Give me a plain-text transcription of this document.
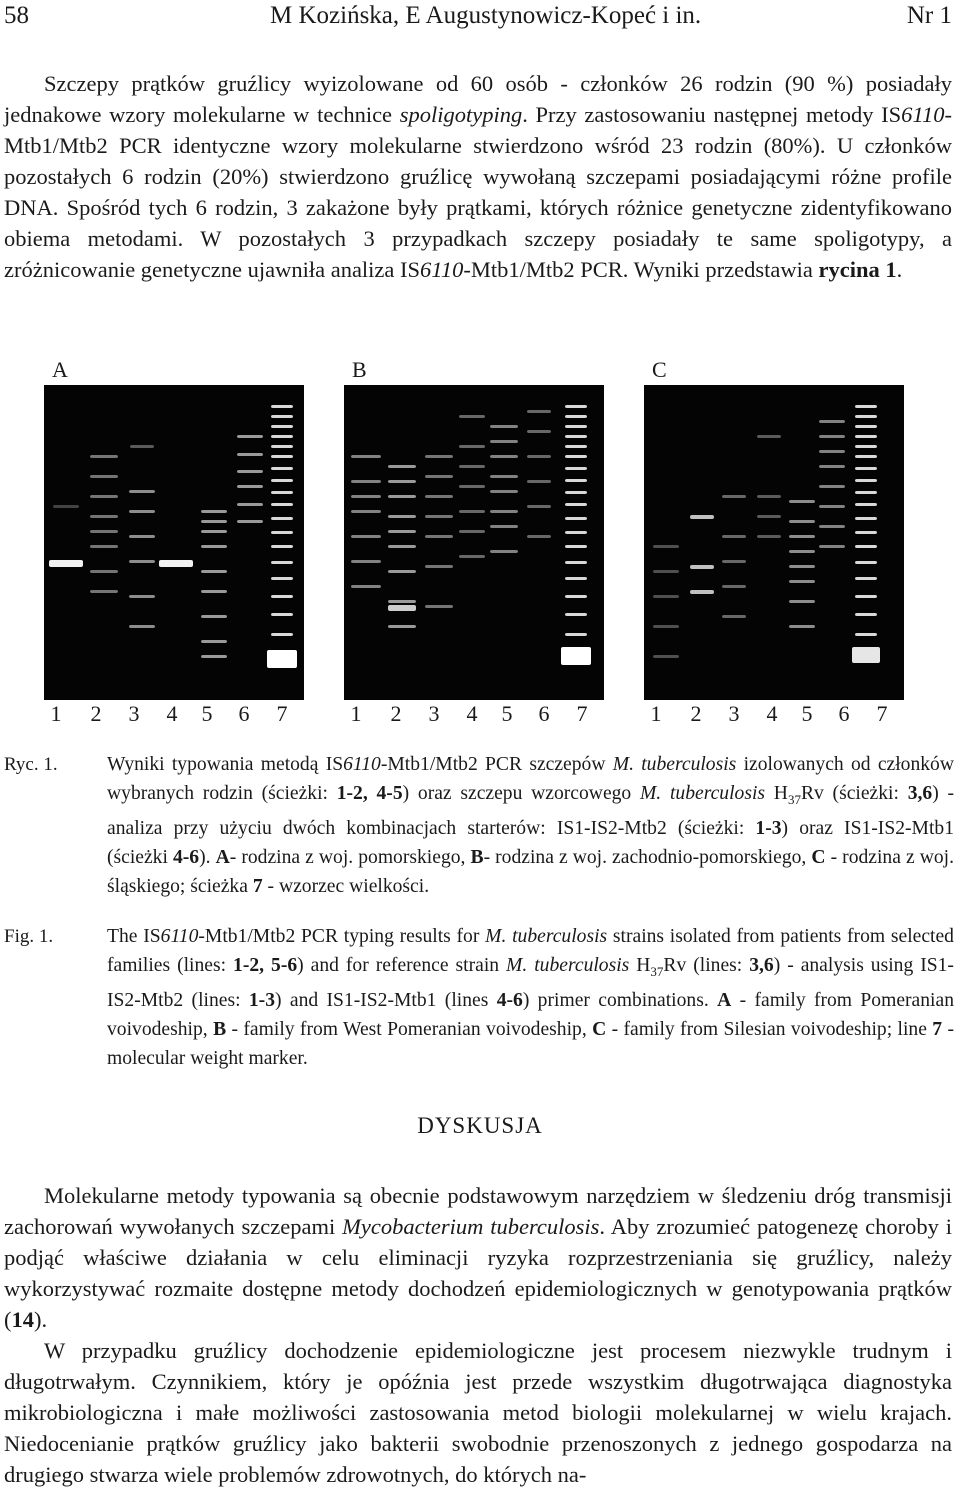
58	M Kozińska, E Augustynowicz-Kopeć i in.	Nr 1

Szczepy prątków gruźlicy wyizolowane od 60 osób - członków 26 rodzin (90 %) posiadały jednakowe wzory molekularne w technice spoligotyping. Przy zastosowaniu następnej metody IS6110-Mtb1/Mtb2 PCR identyczne wzory molekularne stwierdzono wśród 23 rodzin (80%). U członków pozostałych 6 rodzin (20%) stwierdzono gruźlicę wywołaną szczepami posiadającymi różne profile DNA. Spośród tych 6 rodzin, 3 zakażone były prątkami, których różnice genetyczne zidentyfikowano obiema metodami. W pozostałych 3 przypadkach szczepy posiadały te same spoligotypy, a zróżnicowanie genetyczne ujawniła analiza IS6110-Mtb1/Mtb2 PCR. Wyniki przedstawia rycina 1.

A	B	C
1 2 3 4 5 6 7	1 2 3 4 5 6 7	1 2 3 4 5 6 7
Ryc. 1.	Wyniki typowania metodą IS6110-Mtb1/Mtb2 PCR szczepów M. tuberculosis izolowanych od członków wybranych rodzin (ścieżki: 1-2, 4-5) oraz szczepu wzorcowego M. tuberculosis $H_{37}Rv$ (ścieżki: 3,6) - analiza przy użyciu dwóch kombinacjach starterów: IS1-IS2-Mtb2 (ścieżki: 1-3) oraz IS1-IS2-Mtb1 (ścieżki 4-6). A- rodzina z woj. pomorskiego, B- rodzina z woj. zachodnio-pomorskiego, C - rodzina z woj. śląskiego; ścieżka 7 - wzorzec wielkości.

Fig. 1.	The IS6110-Mtb1/Mtb2 PCR typing results for M. tuberculosis strains isolated from patients from selected families (lines: 1-2, 5-6) and for reference strain M. tuberculosis $H_{37}Rv$ (lines: 3,6) - analysis using IS1-IS2-Mtb2 (lines: 1-3) and IS1-IS2-Mtb1 (lines 4-6) primer combinations. A - family from Pomeranian voivodeship, B - family from West Pomeranian voivodeship, C - family from Silesian voivodeship; line 7 - molecular weight marker.

DYSKUSJA

Molekularne metody typowania są obecnie podstawowym narzędziem w śledzeniu dróg transmisji zachorowań wywołanych szczepami Mycobacterium tuberculosis. Aby zrozumieć patogenezę choroby i podjąć właściwe działania w celu eliminacji ryzyka rozprzestrzeniania się gruźlicy, należy wykorzystywać rozmaite dostępne metody dochodzeń epidemiologicznych w genotypowania prątków (14).

W przypadku gruźlicy dochodzenie epidemiologiczne jest procesem niezwykle trudnym i długotrwałym. Czynnikiem, który je opóźnia jest przede wszystkim długotrwająca diagnostyka mikrobiologiczna i małe możliwości zastosowania metod biologii molekularnej w wielu krajach. Niedocenianie prątków gruźlicy jako bakterii swobodnie przenoszonych z jednego gospodarza na drugiego stwarza wiele problemów zdrowotnych, do których na-
